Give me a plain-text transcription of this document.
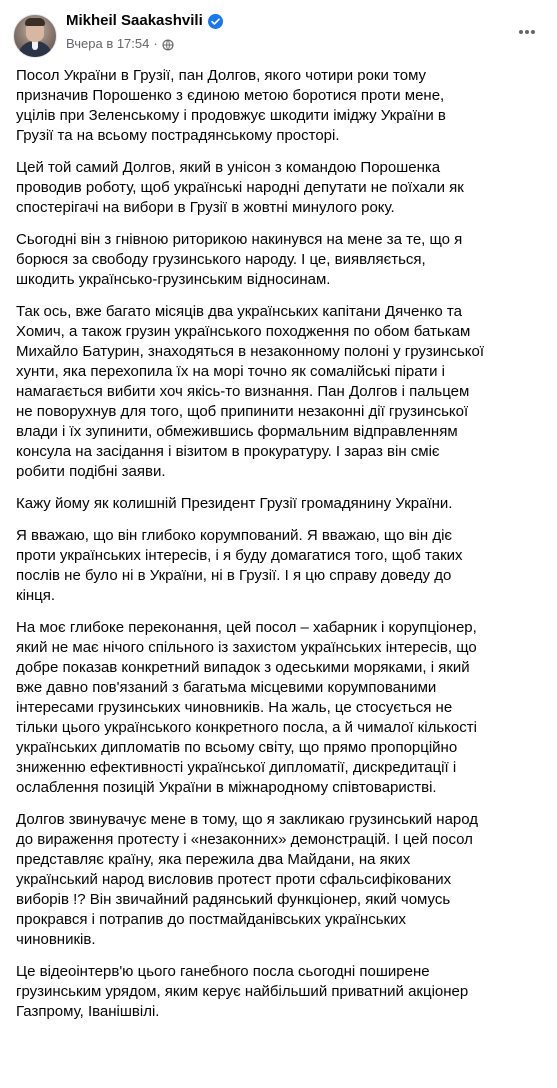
Mikheil Saakashvili
Вчера в 17:54 ·

Посол України в Грузії, пан Долгов, якого чотири роки тому
призначив Порошенко з єдиною метою боротися проти мене,
уцілів при Зеленському і продовжує шкодити іміджу України в
Грузії та на всьому пострадянському просторі.

Цей той самий Долгов, який в унісон з командою Порошенка
проводив роботу, щоб українські народні депутати не поїхали як
спостерігачі на вибори в Грузії в жовтні минулого року.

Сьогодні він з гнівною риторикою накинувся на мене за те, що я
борюся за свободу грузинського народу. І це, виявляється,
шкодить українсько-грузинським відносинам.

Так ось, вже багато місяців два українських капітани Дяченко та
Хомич, а також грузин українського походження по обом батькам
Михайло Батурин, знаходяться в незаконному полоні у грузинської
хунти, яка перехопила їх на морі точно як сомалійські пірати і
намагається вибити хоч якісь-то визнання. Пан Долгов і пальцем
не поворухнув для того, щоб припинити незаконні дії грузинської
влади і їх зупинити, обмежившись формальним відправленням
консула на засідання і візитом в прокуратуру. І зараз він сміє
робити подібні заяви.

Кажу йому як колишній Президент Грузії громадянину України.

Я вважаю, що він глибоко корумпований. Я вважаю, що він діє
проти українських інтересів, і я буду домагатися того, щоб таких
послів не було ні в України, ні в Грузії. І я цю справу доведу до
кінця.

На моє глибоке переконання, цей посол – хабарник і корупціонер,
який не має нічого спільного із захистом українських інтересів, що
добре показав конкретний випадок з одеськими моряками, і який
вже давно пов'язаний з багатьма місцевими корумпованими
інтересами грузинських чиновників. На жаль, це стосується не
тільки цього українського конкретного посла, а й чималої кількості
українських дипломатів по всьому світу, що прямо пропорційно
зниженню ефективності української дипломатії, дискредитації і
ослаблення позицій України в міжнародному співтоваристві.

Долгов звинувачує мене в тому, що я закликаю грузинський народ
до вираження протесту і «незаконних» демонстрацій. І цей посол
представляє країну, яка пережила два Майдани, на яких
український народ висловив протест проти сфальсифікованих
виборів !? Він звичайний радянський функціонер, який чомусь
прокрався і потрапив до постмайданівських українських
чиновників.

Це відеоінтерв'ю цього ганебного посла сьогодні поширене
грузинським урядом, яким керує найбільший приватний акціонер
Газпрому, Іванішвілі.
